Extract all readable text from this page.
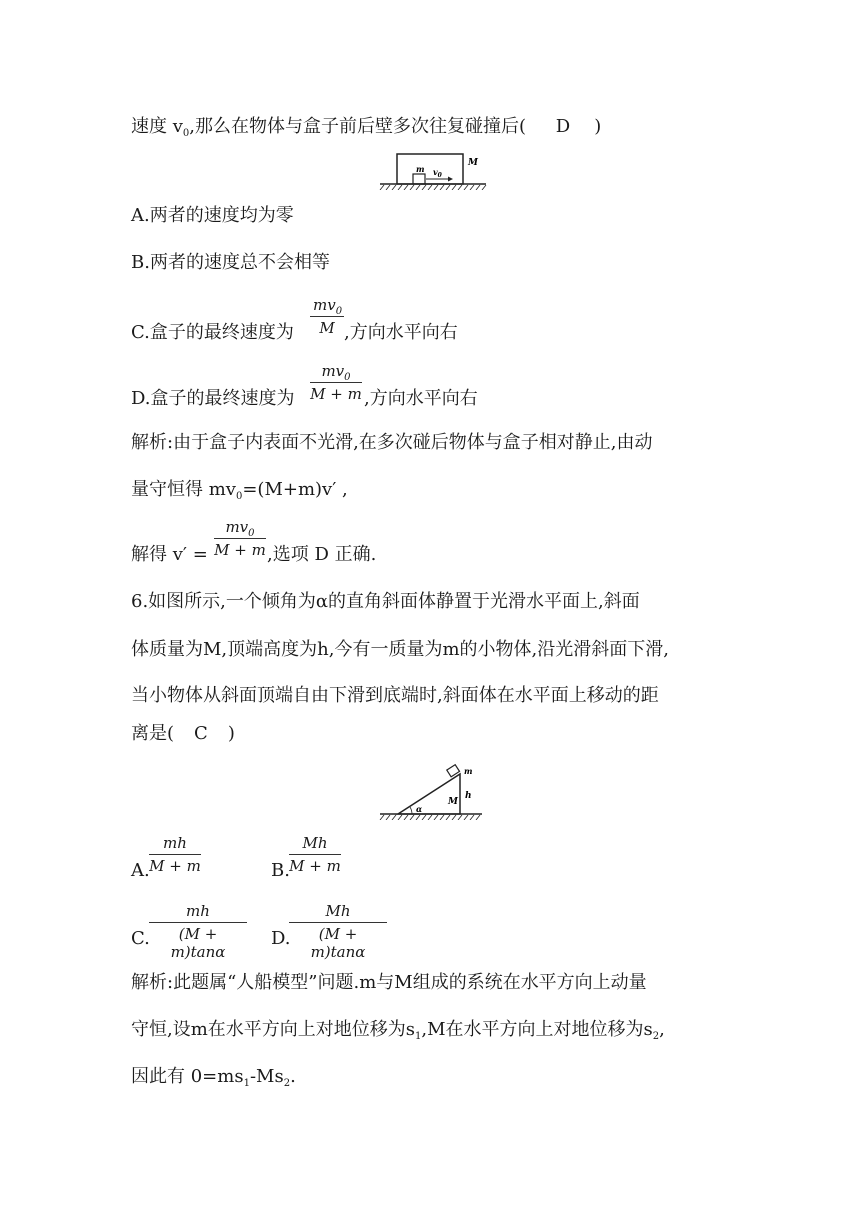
速度 $v_0$,那么在物体与盒子前后壁多次往复碰撞后( D )
m $v_0$
M
A.两者的速度均为零
B.两者的速度总不会相等
C.盒子的最终速度为 $\frac{mv_0}{M}$ ,方向水平向右
D.盒子的最终速度为 $\frac{mv_0}{M + m}$ ,方向水平向右
解析:由于盒子内表面不光滑,在多次碰后物体与盒子相对静止,由动
量守恒得 $mv_0=(M+m)v'$ ,
解得 $v' = \frac{mv_0}{M + m}$ ,选项 D 正确.
6.如图所示,一个倾角为α的直角斜面体静置于光滑水平面上,斜面
体质量为M,顶端高度为h,今有一质量为m的小物体,沿光滑斜面下滑,
当小物体从斜面顶端自由下滑到底端时,斜面体在水平面上移动的距
离是( C )
α
M
h
m
A. $\frac{mh}{M + m}$	B. $\frac{Mh}{M + m}$
C. $\frac{mh}{(M + m)\tan\alpha} D$.
$\frac{Mh}{(M + m)\tan\alpha}$
解析:此题属“人船模型”问题.m与M组成的系统在水平方向上动量
守恒,设m在水平方向上对地位移为$s_1,M$在水平方向上对地位移为$s_2$,
因此有 $0=ms_1-Ms_2$.
